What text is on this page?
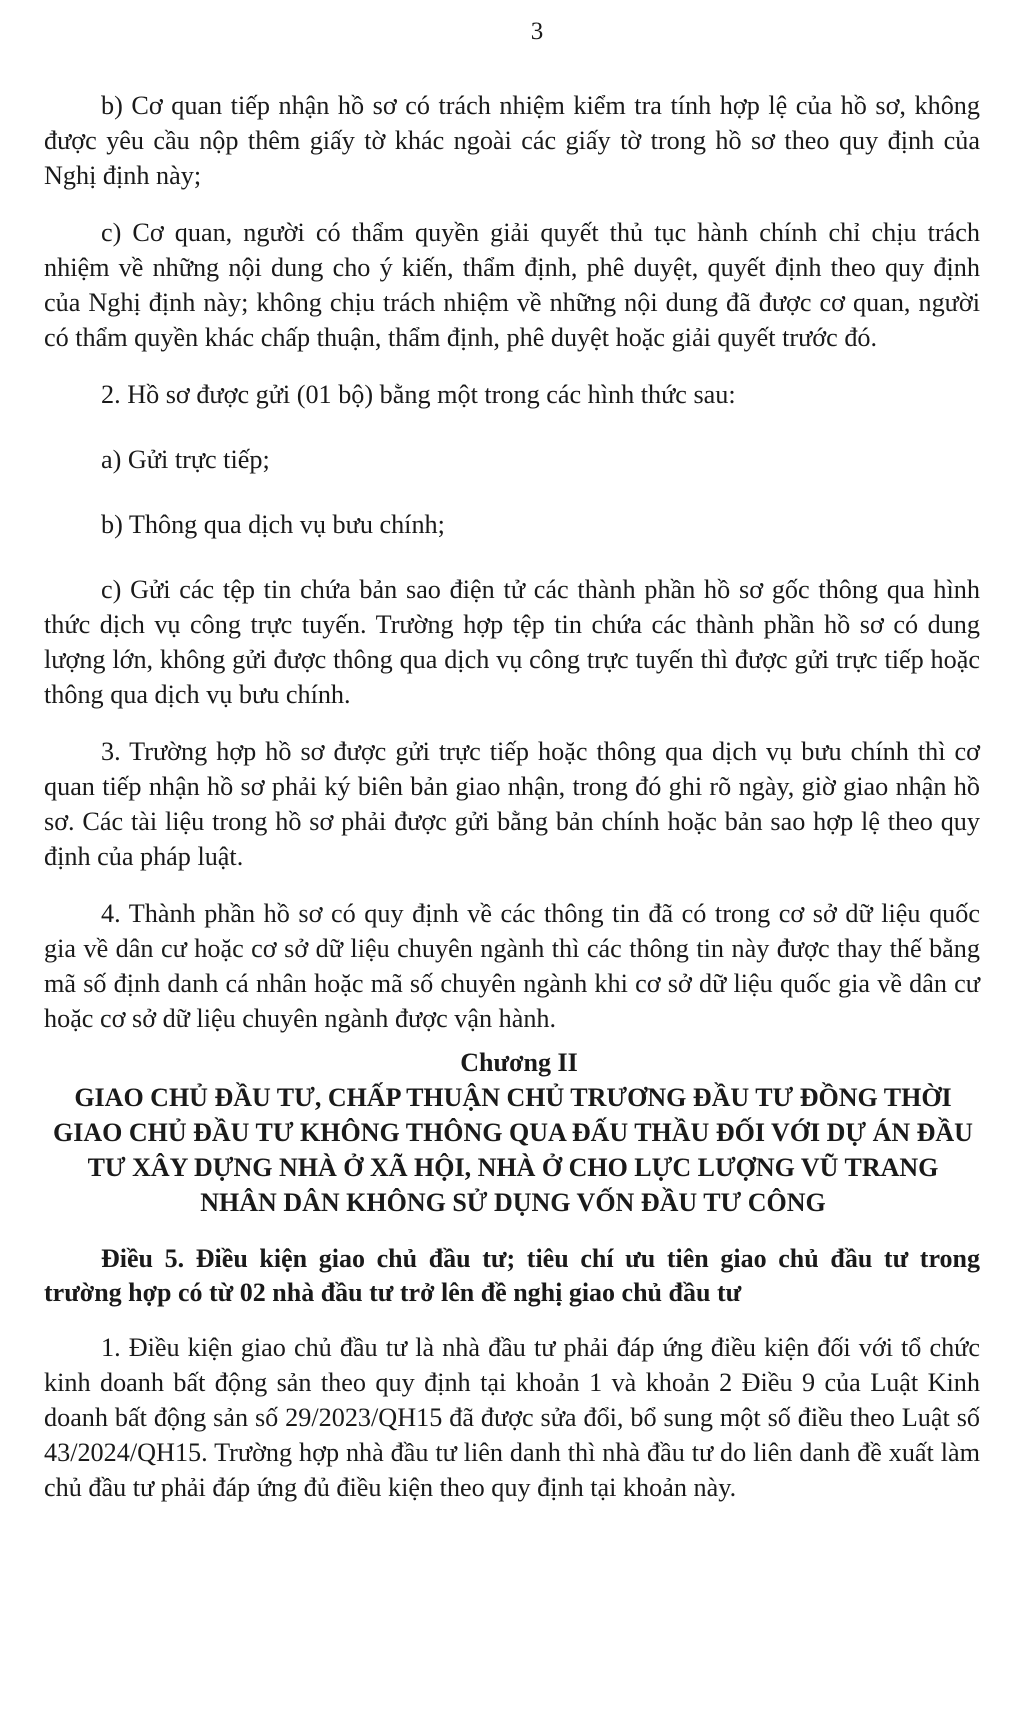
3

b) Cơ quan tiếp nhận hồ sơ có trách nhiệm kiểm tra tính hợp lệ của hồ sơ, không được yêu cầu nộp thêm giấy tờ khác ngoài các giấy tờ trong hồ sơ theo quy định của Nghị định này;

c) Cơ quan, người có thẩm quyền giải quyết thủ tục hành chính chỉ chịu trách nhiệm về những nội dung cho ý kiến, thẩm định, phê duyệt, quyết định theo quy định của Nghị định này; không chịu trách nhiệm về những nội dung đã được cơ quan, người có thẩm quyền khác chấp thuận, thẩm định, phê duyệt hoặc giải quyết trước đó.

2. Hồ sơ được gửi (01 bộ) bằng một trong các hình thức sau:

a) Gửi trực tiếp;

b) Thông qua dịch vụ bưu chính;

c) Gửi các tệp tin chứa bản sao điện tử các thành phần hồ sơ gốc thông qua hình thức dịch vụ công trực tuyến. Trường hợp tệp tin chứa các thành phần hồ sơ có dung lượng lớn, không gửi được thông qua dịch vụ công trực tuyến thì được gửi trực tiếp hoặc thông qua dịch vụ bưu chính.

3. Trường hợp hồ sơ được gửi trực tiếp hoặc thông qua dịch vụ bưu chính thì cơ quan tiếp nhận hồ sơ phải ký biên bản giao nhận, trong đó ghi rõ ngày, giờ giao nhận hồ sơ. Các tài liệu trong hồ sơ phải được gửi bằng bản chính hoặc bản sao hợp lệ theo quy định của pháp luật.

4. Thành phần hồ sơ có quy định về các thông tin đã có trong cơ sở dữ liệu quốc gia về dân cư hoặc cơ sở dữ liệu chuyên ngành thì các thông tin này được thay thế bằng mã số định danh cá nhân hoặc mã số chuyên ngành khi cơ sở dữ liệu quốc gia về dân cư hoặc cơ sở dữ liệu chuyên ngành được vận hành.

Chương II
GIAO CHỦ ĐẦU TƯ, CHẤP THUẬN CHỦ TRƯƠNG ĐẦU TƯ ĐỒNG THỜI GIAO CHỦ ĐẦU TƯ KHÔNG THÔNG QUA ĐẤU THẦU ĐỐI VỚI DỰ ÁN ĐẦU TƯ XÂY DỰNG NHÀ Ở XÃ HỘI, NHÀ Ở CHO LỰC LƯỢNG VŨ TRANG NHÂN DÂN KHÔNG SỬ DỤNG VỐN ĐẦU TƯ CÔNG

Điều 5. Điều kiện giao chủ đầu tư; tiêu chí ưu tiên giao chủ đầu tư trong trường hợp có từ 02 nhà đầu tư trở lên đề nghị giao chủ đầu tư

1. Điều kiện giao chủ đầu tư là nhà đầu tư phải đáp ứng điều kiện đối với tổ chức kinh doanh bất động sản theo quy định tại khoản 1 và khoản 2 Điều 9 của Luật Kinh doanh bất động sản số 29/2023/QH15 đã được sửa đổi, bổ sung một số điều theo Luật số 43/2024/QH15. Trường hợp nhà đầu tư liên danh thì nhà đầu tư do liên danh đề xuất làm chủ đầu tư phải đáp ứng đủ điều kiện theo quy định tại khoản này.
